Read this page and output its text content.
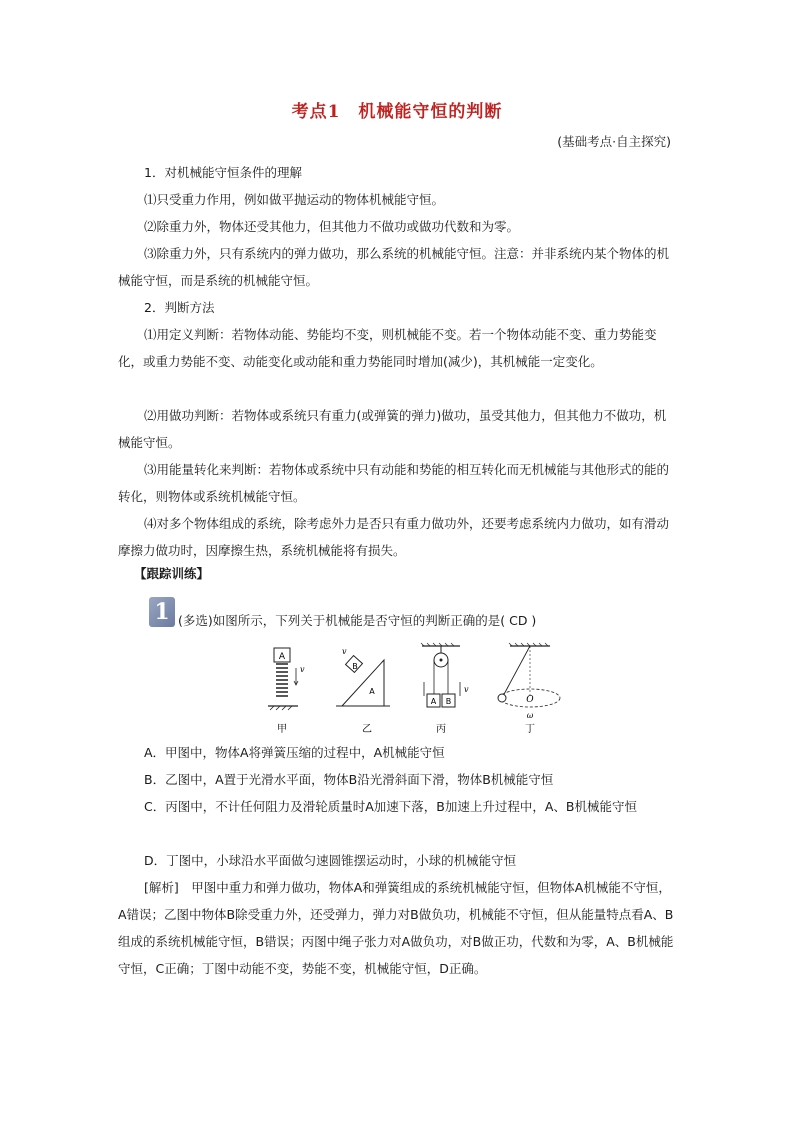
考点1 机械能守恒的判断
(基础考点·自主探究)

1．对机械能守恒条件的理解

⑴只受重力作用，例如做平抛运动的物体机械能守恒。

⑵除重力外，物体还受其他力，但其他力不做功或做功代数和为零。

⑶除重力外，只有系统内的弹力做功，那么系统的机械能守恒。注意：并非系统内某个物体的机械能守恒，而是系统的机械能守恒。

2．判断方法

⑴用定义判断：若物体动能、势能均不变，则机械能不变。若一个物体动能不变、重力势能变化，或重力势能不变、动能变化或动能和重力势能同时增加(减少)，其机械能一定变化。

⑵用做功判断：若物体或系统只有重力(或弹簧的弹力)做功，虽受其他力，但其他力不做功，机械能守恒。

⑶用能量转化来判断：若物体或系统中只有动能和势能的相互转化而无机械能与其他形式的能的转化，则物体或系统机械能守恒。

⑷对多个物体组成的系统，除考虑外力是否只有重力做功外，还要考虑系统内力做功，如有滑动摩擦力做功时，因摩擦生热，系统机械能将有损失。

【跟踪训练】
1 (多选)如图所示，下列关于机械能是否守恒的判断正确的是( CD )
A
v
甲
B
A
v
乙
A B
v
丙
O
ω
丁

A．甲图中，物体A将弹簧压缩的过程中，A机械能守恒

B．乙图中，A置于光滑水平面，物体B沿光滑斜面下滑，物体B机械能守恒

C．丙图中，不计任何阻力及滑轮质量时A加速下落，B加速上升过程中，A、B机械能守恒

D．丁图中，小球沿水平面做匀速圆锥摆运动时，小球的机械能守恒

[解析]　甲图中重力和弹力做功，物体A和弹簧组成的系统机械能守恒，但物体A机械能不守恒，A错误；乙图中物体B除受重力外，还受弹力，弹力对B做负功，机械能不守恒，但从能量特点看A、B组成的系统机械能守恒，B错误；丙图中绳子张力对A做负功，对B做正功，代数和为零，A、B机械能守恒，C正确；丁图中动能不变，势能不变，机械能守恒，D正确。
